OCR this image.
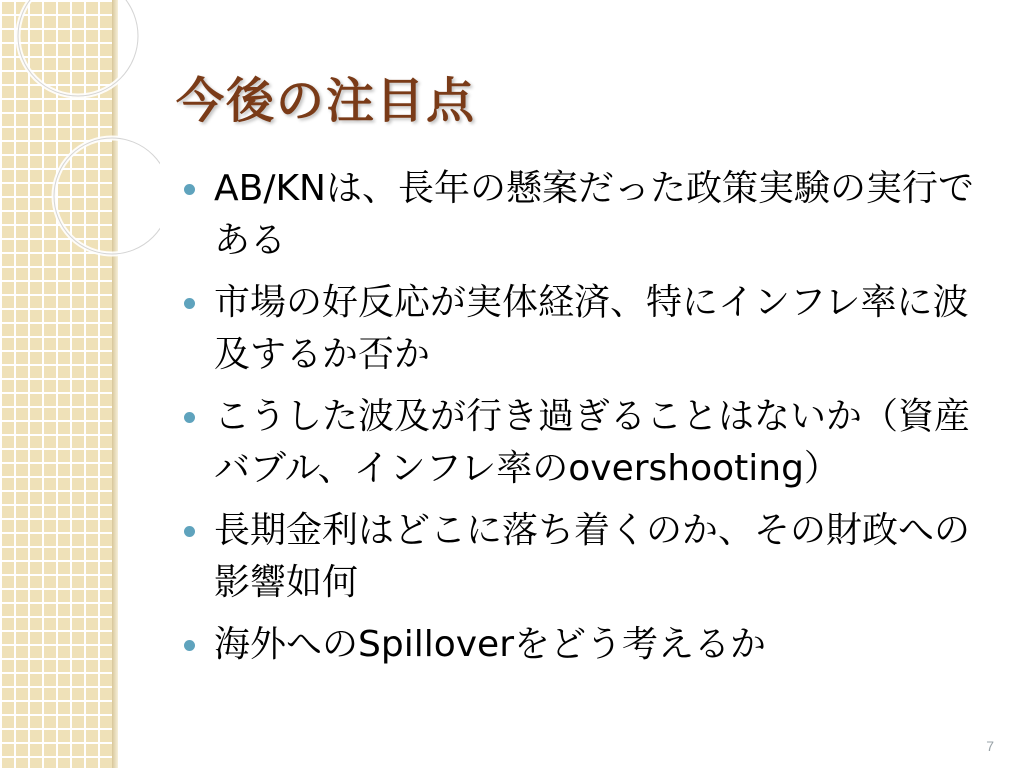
今後の注目点
AB/KNは、長年の懸案だった政策実験の実行である
市場の好反応が実体経済、特にインフレ率に波及するか否か
こうした波及が行き過ぎることはないか（資産バブル、インフレ率のovershooting）
長期金利はどこに落ち着くのか、その財政への影響如何
海外へのSpilloverをどう考えるか
7
